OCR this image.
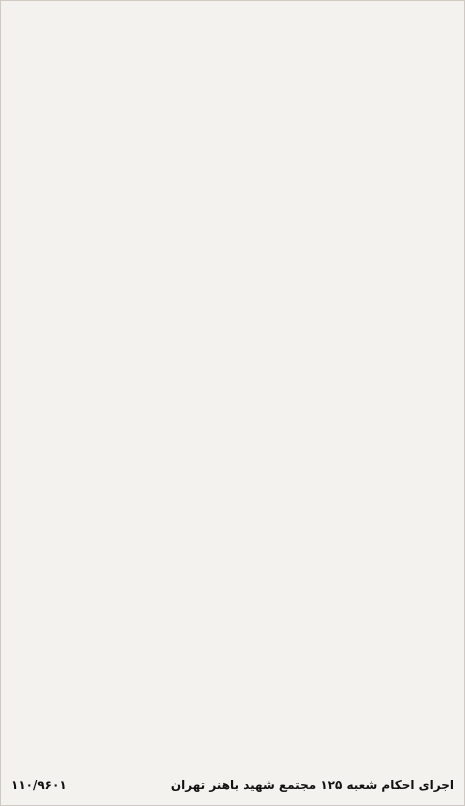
۱۱۰/۹۶۰۱	اجرای احکام شعبه ۱۲۵ مجتمع شهید باهنر تهران
